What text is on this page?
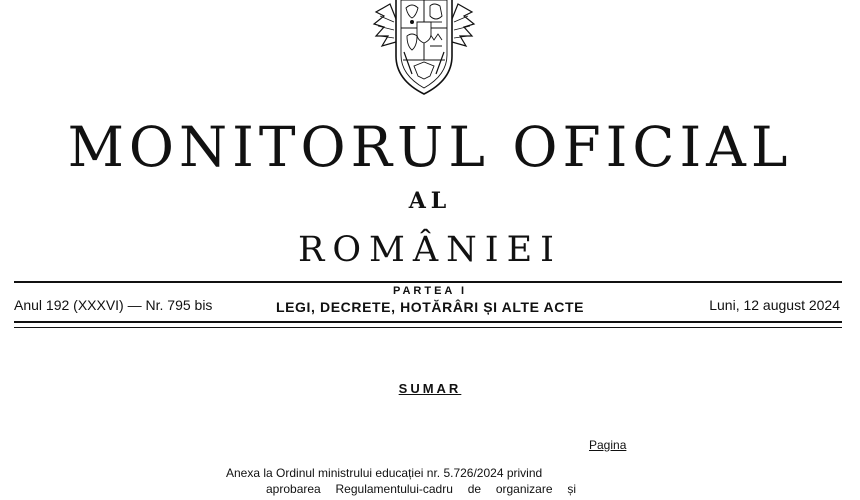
MONITORUL OFICIAL
AL
ROMÂNIEI
Anul 192 (XXXVI) — Nr. 795 bis
PARTEA I
LEGI, DECRETE, HOTĂRÂRI ȘI ALTE ACTE	Luni, 12 august 2024
SUMAR
Pagina
Anexa la Ordinul ministrului educației nr. 5.726/2024 privind
aprobarea Regulamentului-cadru de organizare și
